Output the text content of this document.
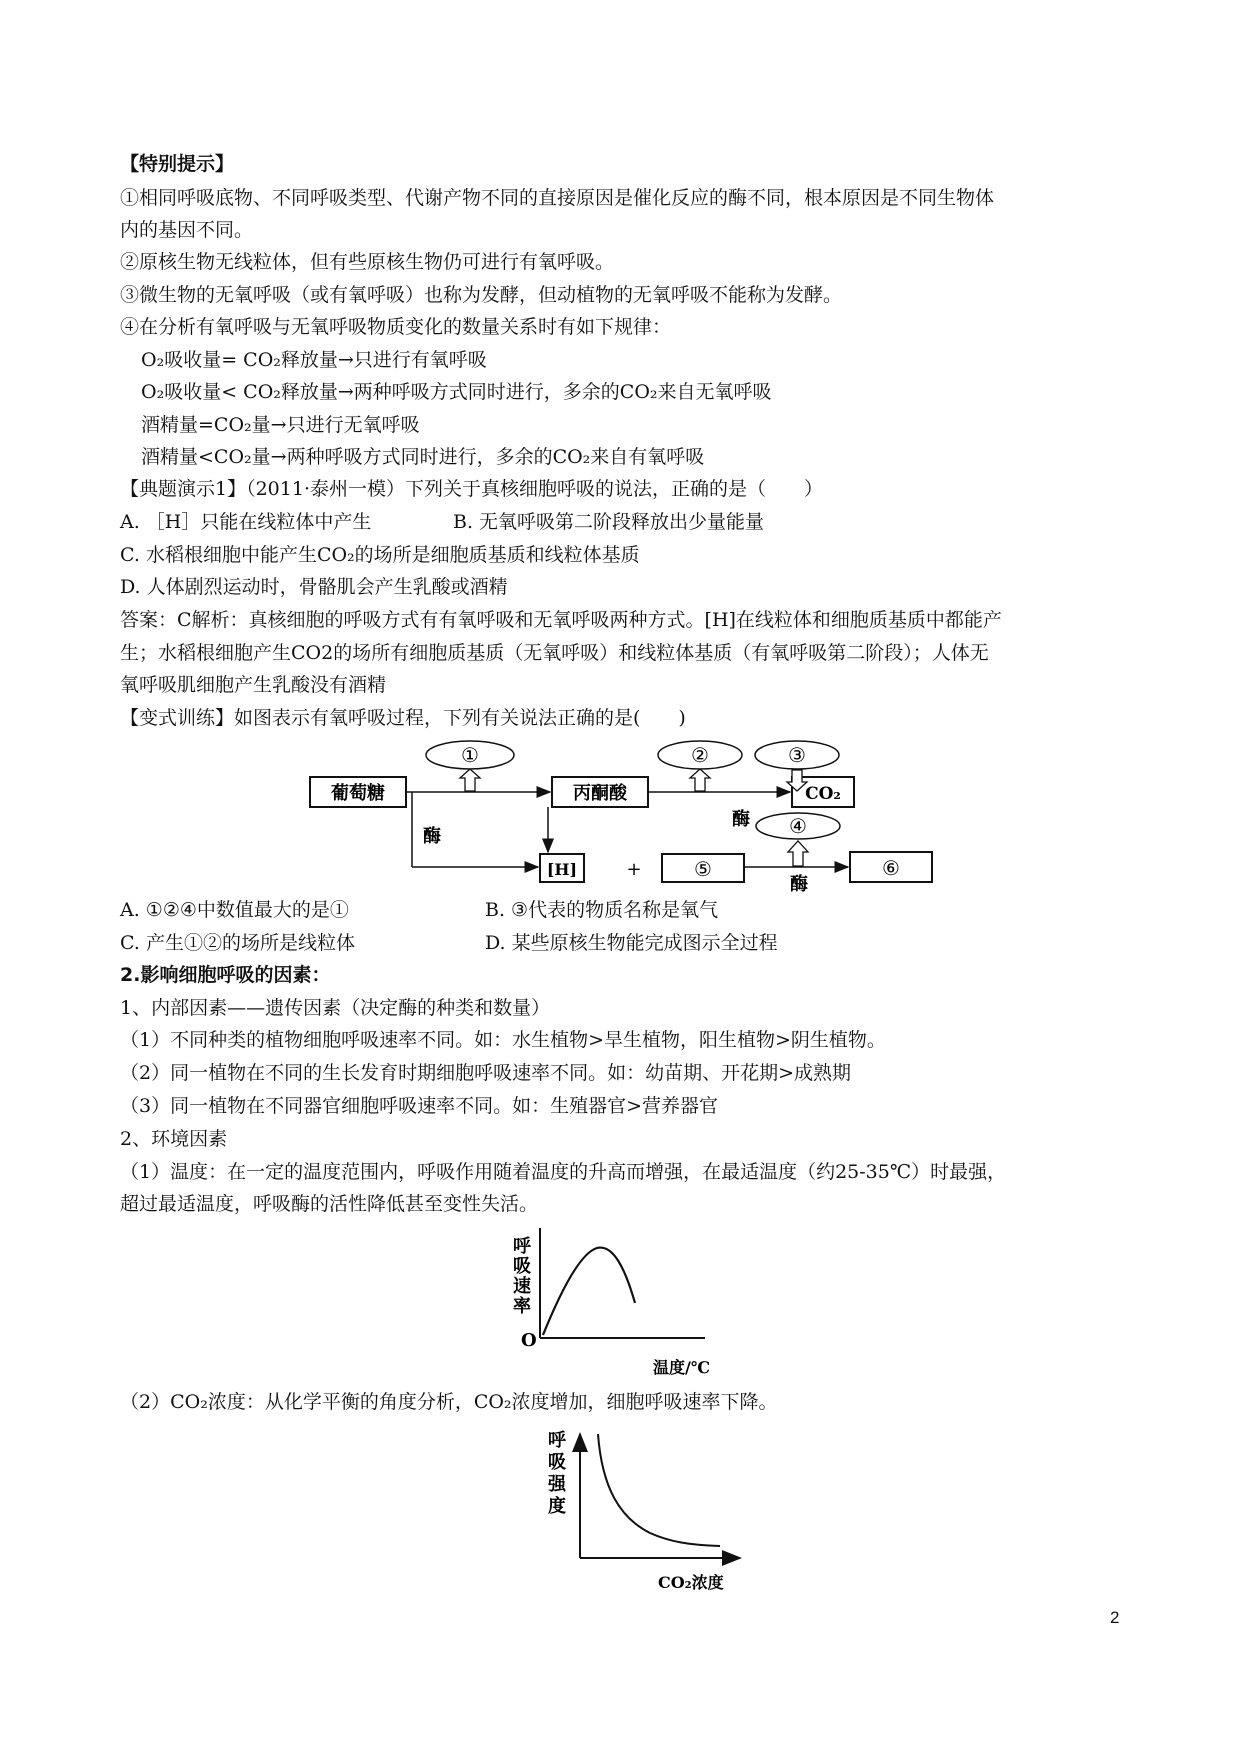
【特别提示】
①相同呼吸底物、不同呼吸类型、代谢产物不同的直接原因是催化反应的酶不同，根本原因是不同生物体
内的基因不同。
②原核生物无线粒体，但有些原核生物仍可进行有氧呼吸。
③微生物的无氧呼吸（或有氧呼吸）也称为发酵，但动植物的无氧呼吸不能称为发酵。
④在分析有氧呼吸与无氧呼吸物质变化的数量关系时有如下规律：
O₂吸收量= CO₂释放量→只进行有氧呼吸
O₂吸收量< CO₂释放量→两种呼吸方式同时进行，多余的CO₂来自无氧呼吸
酒精量=CO₂量→只进行无氧呼吸
酒精量<CO₂量→两种呼吸方式同时进行，多余的CO₂来自有氧呼吸
【典题演示1】（2011·泰州一模）下列关于真核细胞呼吸的说法，正确的是（　　）
A. ［H］只能在线粒体中产生	B. 无氧呼吸第二阶段释放出少量能量
C. 水稻根细胞中能产生CO₂的场所是细胞质基质和线粒体基质
D. 人体剧烈运动时，骨骼肌会产生乳酸或酒精
答案：C解析：真核细胞的呼吸方式有有氧呼吸和无氧呼吸两种方式。[H]在线粒体和细胞质基质中都能产
生；水稻根细胞产生CO2的场所有细胞质基质（无氧呼吸）和线粒体基质（有氧呼吸第二阶段）；人体无
氧呼吸肌细胞产生乳酸没有酒精
【变式训练】如图表示有氧呼吸过程，下列有关说法正确的是(　　)
葡萄糖	丙酮酸
①
CO₂
②	③
酶
酶
[H]	+	⑤
④
酶
⑥
A. ①②④中数值最大的是①	B. ③代表的物质名称是氧气
C. 产生①②的场所是线粒体	D. 某些原核生物能完成图示全过程
2.影响细胞呼吸的因素：
1、内部因素——遗传因素（决定酶的种类和数量）
（1）不同种类的植物细胞呼吸速率不同。如：水生植物>旱生植物，阳生植物>阴生植物。
（2）同一植物在不同的生长发育时期细胞呼吸速率不同。如：幼苗期、开花期>成熟期
（3）同一植物在不同器官细胞呼吸速率不同。如：生殖器官>营养器官
2、环境因素
（1）温度：在一定的温度范围内，呼吸作用随着温度的升高而增强，在最适温度（约25-35℃）时最强，
超过最适温度，呼吸酶的活性降低甚至变性失活。
呼
吸
速
率
O
温度/℃
（2）CO₂浓度：从化学平衡的角度分析，CO₂浓度增加，细胞呼吸速率下降。
呼
吸
强
度
CO₂浓度
2
